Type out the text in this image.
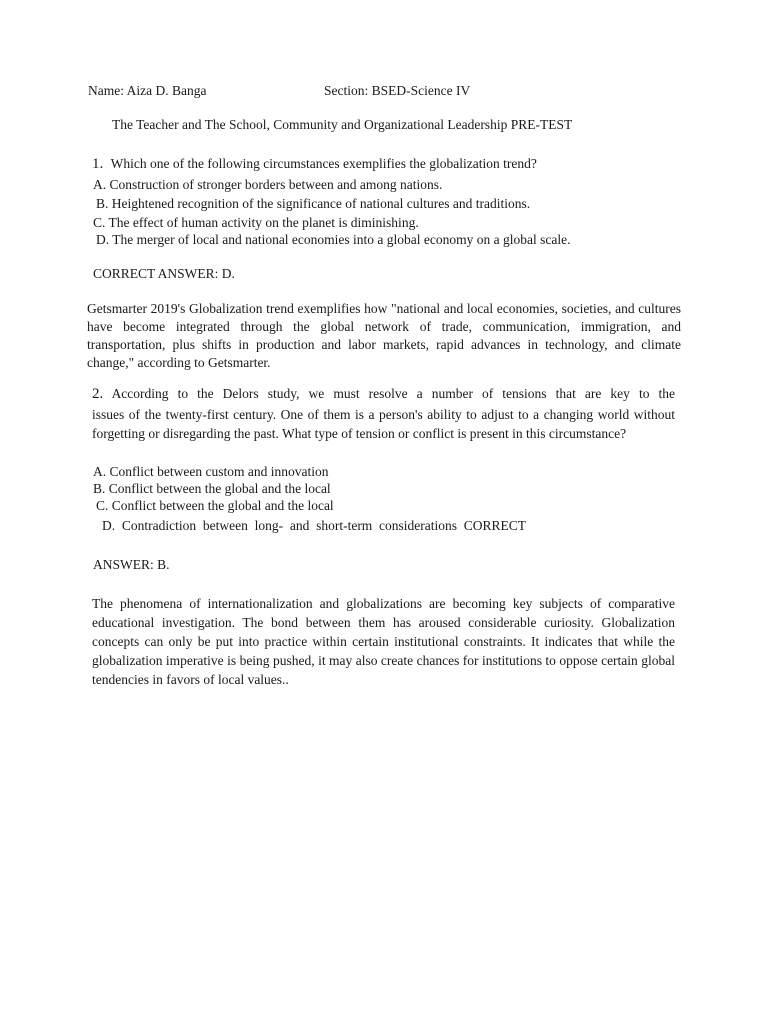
Name: Aiza D. Banga	Section: BSED-Science IV
The Teacher and The School, Community and Organizational Leadership PRE-TEST
1. Which one of the following circumstances exemplifies the globalization trend?
A. Construction of stronger borders between and among nations.
B. Heightened recognition of the significance of national cultures and traditions.
C. The effect of human activity on the planet is diminishing.
D. The merger of local and national economies into a global economy on a global scale.
CORRECT ANSWER: D.
Getsmarter 2019's Globalization trend exemplifies how "national and local economies, societies, and cultures have become integrated through the global network of trade, communication, immigration, and transportation, plus shifts in production and labor markets, rapid advances in technology, and climate change," according to Getsmarter.
2. According to the Delors study, we must resolve a number of tensions that are key to the
issues of the twenty-first century. One of them is a person's ability to adjust to a changing world without forgetting or disregarding the past. What type of tension or conflict is present in this circumstance?
A. Conflict between custom and innovation
B. Conflict between the global and the local
C. Conflict between the global and the local
D.  Contradiction  between  long-  and  short-term  considerations  CORRECT
ANSWER: B.
The phenomena of internationalization and globalizations are becoming key subjects of comparative educational investigation. The bond between them has aroused considerable curiosity. Globalization concepts can only be put into practice within certain institutional constraints. It indicates that while the globalization imperative is being pushed, it may also create chances for institutions to oppose certain global tendencies in favors of local values..
